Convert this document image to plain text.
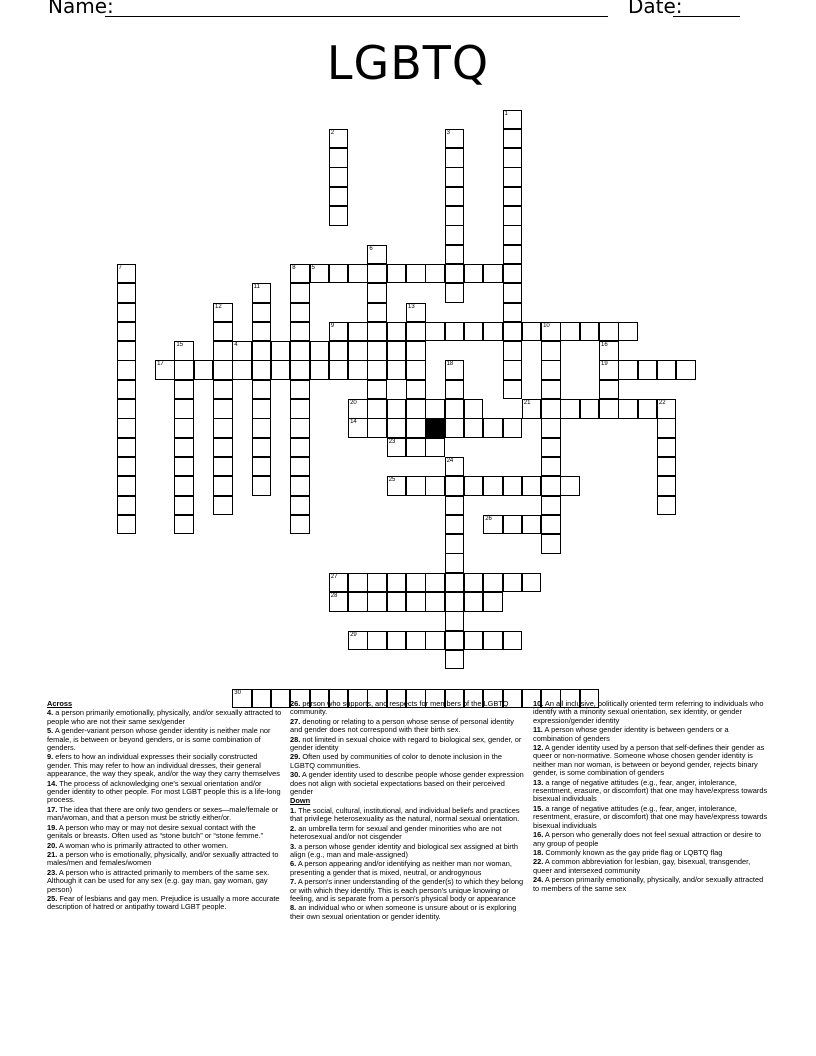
Name:	Date:
LGBTQ
4
5
9	10
14
17	19
20	21	22
23
25
26
27
28
29
30
1
2	3
6
7	8
11
12	13
15	16
18
24
Across
4. a person primarily emotionally, physically, and/or sexually attracted to people who are not their same sex/gender
5. A gender-variant person whose gender identity is neither male nor female, is between or beyond genders, or is some combination of genders.
9. efers to how an individual expresses their socially constructed gender. This may refer to how an individual dresses, their general appearance, the way they speak, and/or the way they carry themselves
14. The process of acknowledging one's sexual orientation and/or gender identity to other people. For most LGBT people this is a life-long process.
17. The idea that there are only two genders or sexes—male/female or man/woman, and that a person must be strictly either/or.
19. A person who may or may not desire sexual contact with the genitals or breasts. Often used as “stone butch” or “stone femme.”
20. A woman who is primarily attracted to other women.
21. a person who is emotionally, physically, and/or sexually attracted to males/men and females/women
23. A person who is attracted primarily to members of the same sex. Although it can be used for any sex (e.g. gay man, gay woman, gay person)
25. Fear of lesbians and gay men. Prejudice is usually a more accurate description of hatred or antipathy toward LGBT people.
26. person who supports, and respects for members of the LGBTQ community.
27. denoting or relating to a person whose sense of personal identity and gender does not correspond with their birth sex.
28. not limited in sexual choice with regard to biological sex, gender, or gender identity
29. Often used by communities of color to denote inclusion in the LGBTQ communities.
30. A gender identity used to describe people whose gender expression does not align with societal expectations based on their perceived gender
Down
1. The social, cultural, institutional, and individual beliefs and practices that privilege heterosexuality as the natural, normal sexual orientation.
2. an umbrella term for sexual and gender minorities who are not heterosexual and/or not cisgender
3. a person whose gender identity and biological sex assigned at birth align (e.g., man and male-assigned)
6. A person appearing and/or identifying as neither man nor woman, presenting a gender that is mixed, neutral, or androgynous
7. A person's inner understanding of the gender(s) to which they belong or with which they identify. This is each person's unique knowing or feeling, and is separate from a person's physical body or appearance
8. an individual who or when someone is unsure about or is exploring their own sexual orientation or gender identity.
10. An all inclusive, politically oriented term referring to individuals who identify with a minority sexual orientation, sex identity, or gender expression/gender identity
11. A person whose gender identity is between genders or a combination of genders
12. A gender identity used by a person that self-defines their gender as queer or non-normative. Someone whose chosen gender identity is neither man nor woman, is between or beyond gender, rejects binary gender, is some combination of genders
13. a range of negative attitudes (e.g., fear, anger, intolerance, resentment, erasure, or discomfort) that one may have/express towards bisexual individuals
15. a range of negative attitudes (e.g., fear, anger, intolerance, resentment, erasure, or discomfort) that one may have/express towards bisexual individuals
16. A person who generally does not feel sexual attraction or desire to any group of people
18. Commonly known as the gay pride flag or LQBTQ flag
22. A common abbreviation for lesbian, gay, bisexual, transgender, queer and intersexed community
24. A person primarily emotionally, physically, and/or sexually attracted to members of the same sex
